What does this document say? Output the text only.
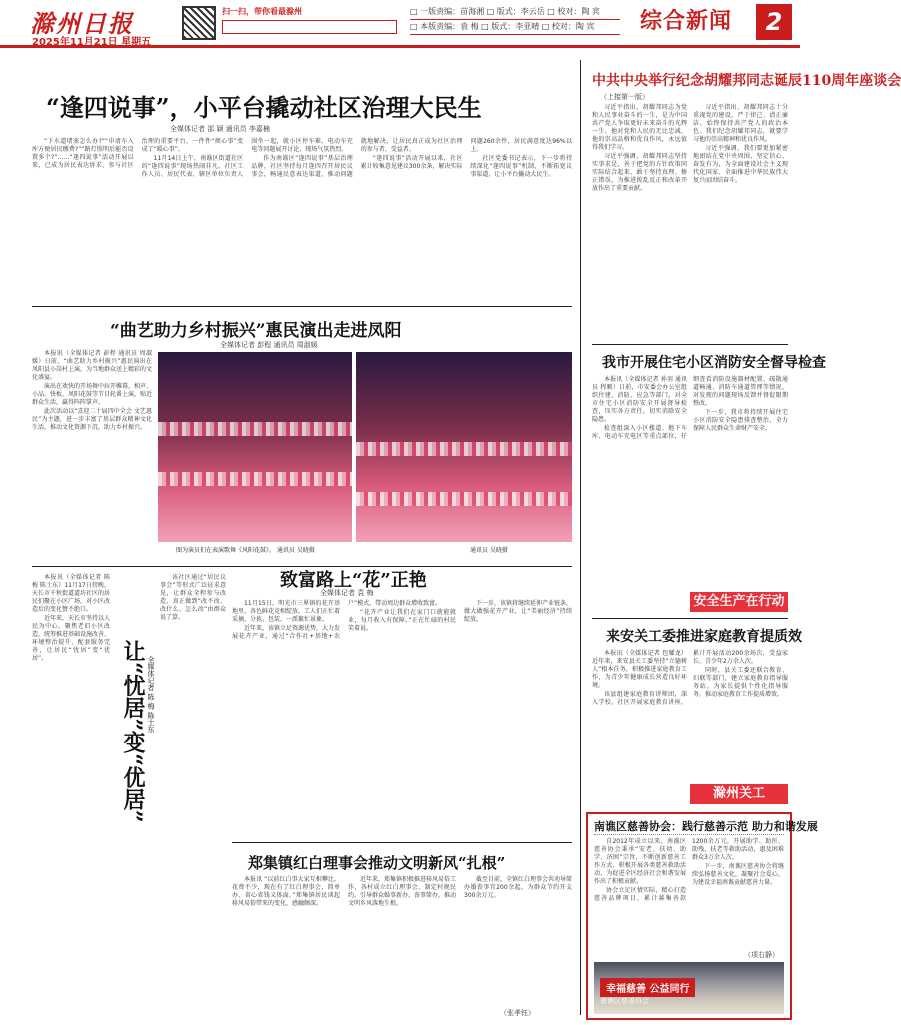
滁州日报
2025年11月21日 星期五
扫一扫，带你看最滁州	□ 一版责编：苗海湘 □ 版式：李云岳 □ 校对：陶 宾
□ 本版责编：袁 梅 □ 版式：李亚晴 □ 校对：陶 宾	综合新闻	2
“逢四说事”，小平台撬动社区治理大民生
全媒体记者 邵 颖 通讯员 李嘉楠

“下水道堵塞怎么办?”“申请车入库方便居民缴费?”“路灯照明后能否设置多个?”……“逢四说事”活动开展以来，已成为居民表达诉求、参与社区治理的重要平台，一件件“烦心事”变成了“暖心事”。

11月14日上午，南谯区街道社区的“逢四说事”现场热闹非凡。社区工作人员、居民代表、辖区单位负责人围坐一起，就小区停车难、电动车充电等问题展开讨论，现场气氛热烈。

作为南谯区“逢四说事”基层治理品牌，社区坚持每月逢四召开居民议事会，畅通民意表达渠道，推动问题就地解决，让居民真正成为社区治理的参与者、受益者。

“逢四说事”活动开展以来，社区累计收集意见建议300余条，解决实际问题260余件，居民满意度达96%以上。

社区党委书记表示，下一步将持续深化“逢四说事”机制，不断拓宽议事渠道，让小平台撬动大民生。

“曲艺助力乡村振兴”惠民演出走进凤阳
全媒体记者 彭程 通讯员 周淑媛

本报讯（全媒体记者 彭程 通讯员 周淑媛）日前，“曲艺助力乡村振兴”惠民演出在凤阳县小岗村上演，为当地群众送上精彩的文化盛宴。

演出在欢快的开场舞中拉开帷幕，相声、小品、快板、凤阳花鼓等节目轮番上演，贴近群众生活，赢得阵阵掌声。

此次活动以“喜迎二十届四中全会 文艺惠民”为主题，进一步丰富了基层群众精神文化生活，推动文化资源下沉，助力乡村振兴。

图为演员们在表演歌舞《风阳花鼓》。 通讯员 吴晓摄	通讯员 吴晓摄

本报讯（全媒体记者 陈梅 陈士东）11月17日傍晚，天长市千秋街道道坊社区的居民们聚在小区广场，对小区改造后的变化赞不绝口。

近年来，天长市坚持以人民为中心，聚焦老旧小区改造，统筹推进基础设施改善、环境整治提升、配套服务完善，让居民“忧居”变“优居”。	让“忧居”变“优居” 全媒体记者 陈 梅 陈士东

该社区通过“居民议事会”等形式广泛征求意见，让群众全程参与改造，真正做到“改不改、改什么、怎么改”由群众说了算。

致富路上“花”正艳
全媒体记者 袁 梅

11月15日，明光市三界镇的花卉基地里，各色鲜花竞相绽放，工人们正忙着采摘、分拣、包装，一派繁忙景象。

近年来，该镇立足资源优势，大力发展花卉产业，通过“合作社+基地+农户”模式，带动周边群众增收致富。

“花卉产业让我们在家门口就能就业，每月收入有保障。”正在忙碌的村民笑着说。

下一步，该镇将继续延伸产业链条，做大做强花卉产业，让“美丽经济”持续绽放。

郑集镇红白理事会推动文明新风“扎根”

本报讯 “以前红白事大家互相攀比，花费不少，现在有了红白理事会，简单办、省心省钱又体面。”郑集镇居民谈起移风易俗带来的变化，感触颇深。

近年来，郑集镇积极推进移风易俗工作，各村成立红白理事会，制定村规民约，引导群众婚事新办、丧事简办，推动文明乡风落地生根。

截至目前，全镇红白理事会共劝导简办婚丧事宜200余起，为群众节约开支300余万元。

（张孝钰）
中共中央举行纪念胡耀邦同志诞辰110周年座谈会
（上接第一版）

习近平指出，胡耀邦同志为党和人民事业奋斗的一生，是为中国共产党人争取更好未来奋斗的光辉一生。他对党和人民的无比忠诚，他的崇高品格和优良作风，永远值得我们学习。

习近平强调，胡耀邦同志坚持实事求是，善于把党的方针政策同实际结合起来，敢于坚持真理、修正错误，为推进拨乱反正和改革开放作出了重要贡献。

习近平指出，胡耀邦同志十分重视党的建设，严于律己、清正廉洁，始终保持共产党人的政治本色。我们纪念胡耀邦同志，就要学习他的崇高精神和优良作风。

习近平强调，我们要更加紧密地团结在党中央周围，坚定信心、奋发有为，为全面建设社会主义现代化国家、全面推进中华民族伟大复兴而团结奋斗。

我市开展住宅小区消防安全督导检查

本报讯（全媒体记者 孙羽 通讯员 程顺）日前，市安委会办公室组织住建、消防、应急等部门，对全市住宅小区消防安全开展督导检查，压实各方责任，切实消除安全隐患。

检查组深入小区楼道、地下车库、电动车充电区等重点部位，仔细查看消防设施器材配置、疏散通道畅通、消防车通道管理等情况，对发现的问题现场反馈并督促限期整改。

下一步，我市将持续开展住宅小区消防安全隐患排查整治，全力保障人民群众生命财产安全。

安全生产在行动
来安关工委推进家庭教育提质效

本报讯（全媒体记者 包耀龙）近年来，来安县关工委坚持“立德树人”根本任务，积极推进家庭教育工作，为青少年健康成长营造良好环境。

该县组建家庭教育讲师团，深入学校、社区开展家庭教育讲座，累计开展活动200余场次，受益家长、青少年2万余人次。

同时，县关工委还联合教育、妇联等部门，建立家庭教育指导服务站，为家长提供个性化指导服务，推动家庭教育工作提质增效。

滁州关工
南谯区慈善协会：践行慈善示范 助力和谐发展

自2012年成立以来，南谯区慈善协会秉承“安老、扶幼、助学、济困”宗旨，不断创新慈善工作方式，积极开展各类慈善救助活动，为促进全区经济社会和谐发展作出了积极贡献。

协会立足区情实际，精心打造慈善品牌项目，累计募集善款1200余万元，开展助学、助医、助残、扶老等救助活动，惠及困难群众3万余人次。

下一步，南谯区慈善协会将继续弘扬慈善文化，凝聚社会爱心，为建设幸福南谯贡献慈善力量。

（项右静）
幸福慈善 公益同行
南谯区慈善协会
